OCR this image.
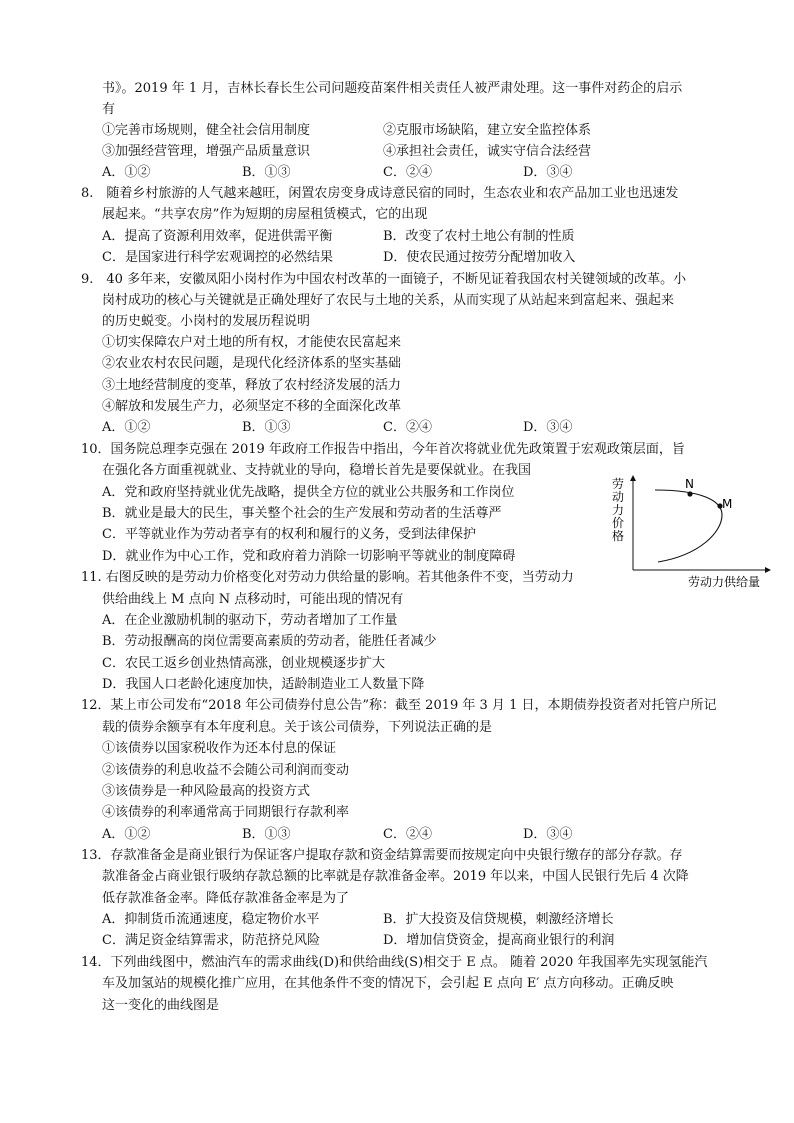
书》。2019 年 1 月，吉林长春长生公司问题疫苗案件相关责任人被严肃处理。这一事件对药企的启示
有
①完善市场规则，健全社会信用制度	②克服市场缺陷，建立安全监控体系
③加强经营管理，增强产品质量意识	④承担社会责任，诚实守信合法经营
A．①②	B．①③	C．②④	D．③④
8.　随着乡村旅游的人气越来越旺，闲置农房变身成诗意民宿的同时，生态农业和农产品加工业也迅速发
展起来。“共享农房”作为短期的房屋租赁模式，它的出现
A．提高了资源利用效率，促进供需平衡	B．改变了农村土地公有制的性质
C．是国家进行科学宏观调控的必然结果	D．使农民通过按劳分配增加收入
9.　40 多年来，安徽凤阳小岗村作为中国农村改革的一面镜子，不断见证着我国农村关键领域的改革。小
岗村成功的核心与关键就是正确处理好了农民与土地的关系，从而实现了从站起来到富起来、强起来
的历史蜕变。小岗村的发展历程说明
①切实保障农户对土地的所有权，才能使农民富起来
②农业农村农民问题，是现代化经济体系的坚实基础
③土地经营制度的变革，释放了农村经济发展的活力
④解放和发展生产力，必须坚定不移的全面深化改革
A．①②	B．①③	C．②④	D．③④
10．国务院总理李克强在 2019 年政府工作报告中指出，今年首次将就业优先政策置于宏观政策层面，旨
在强化各方面重视就业、支持就业的导向，稳增长首先是要保就业。在我国
A．党和政府坚持就业优先战略，提供全方位的就业公共服务和工作岗位
B．就业是最大的民生，事关整个社会的生产发展和劳动者的生活尊严
C．平等就业作为劳动者享有的权利和履行的义务，受到法律保护
D．就业作为中心工作，党和政府着力消除一切影响平等就业的制度障碍
N
M
劳
动
力
价
格
劳动力供给量
11. 右图反映的是劳动力价格变化对劳动力供给量的影响。若其他条件不变，当劳动力
供给曲线上 M 点向 N 点移动时，可能出现的情况有
A．在企业激励机制的驱动下，劳动者增加了工作量
B．劳动报酬高的岗位需要高素质的劳动者，能胜任者减少
C．农民工返乡创业热情高涨，创业规模逐步扩大
D．我国人口老龄化速度加快，适龄制造业工人数量下降
12．某上市公司发布“2018 年公司债券付息公告”称：截至 2019 年 3 月 1 日，本期债券投资者对托管户所记
载的债券余额享有本年度利息。关于该公司债券，下列说法正确的是
①该债券以国家税收作为还本付息的保证
②该债券的利息收益不会随公司利润而变动
③该债券是一种风险最高的投资方式
④该债券的利率通常高于同期银行存款利率
A．①②	B．①③	C．②④	D．③④
13．存款准备金是商业银行为保证客户提取存款和资金结算需要而按规定向中央银行缴存的部分存款。存
款准备金占商业银行吸纳存款总额的比率就是存款准备金率。2019 年以来，中国人民银行先后 4 次降
低存款准备金率。降低存款准备金率是为了
A．抑制货币流通速度，稳定物价水平	B．扩大投资及信贷规模，刺激经济增长
C．满足资金结算需求，防范挤兑风险	D．增加信贷资金，提高商业银行的利润
14．下列曲线图中，燃油汽车的需求曲线(D)和供给曲线(S)相交于 E 点。 随着 2020 年我国率先实现氢能汽
车及加氢站的规模化推广应用，在其他条件不变的情况下，会引起 E 点向 E′ 点方向移动。正确反映
这一变化的曲线图是
